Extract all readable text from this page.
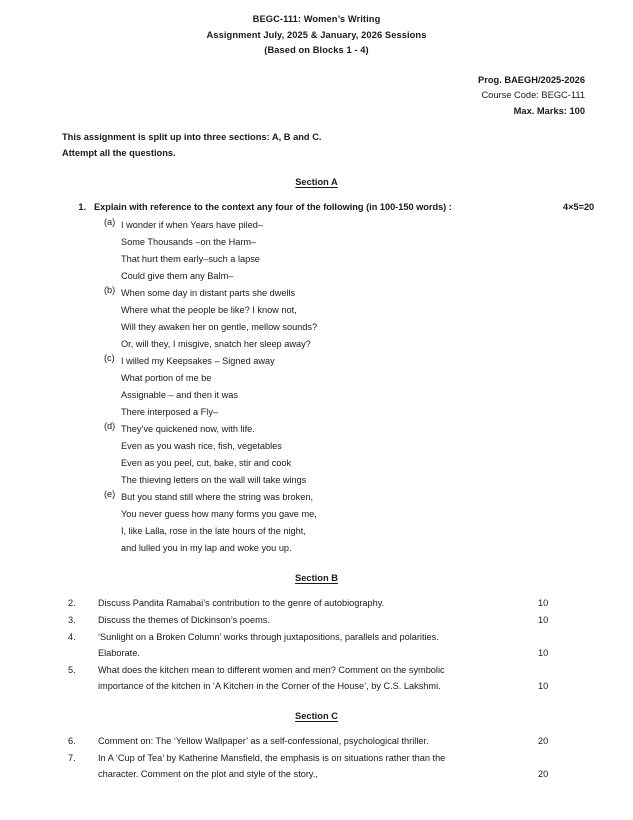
BEGC-111: Women’s Writing
Assignment July, 2025 & January, 2026 Sessions
(Based on Blocks 1 - 4)
Prog. BAEGH/2025-2026
Course Code: BEGC-111
Max. Marks: 100
This assignment is split up into three sections: A, B and C.
Attempt all the questions.
Section A
1. Explain with reference to the context any four of the following (in 100-150 words) :	4×5=20
(a) I wonder if when Years have piled–
Some Thousands –on the Harm–
That hurt them early–such a lapse
Could give them any Balm–
(b) When some day in distant parts she dwells
Where what the people be like? I know not,
Will they awaken her on gentle, mellow sounds?
Or, will they, I misgive, snatch her sleep away?
(c) I willed my Keepsakes – Signed away
What portion of me be
Assignable – and then it was
There interposed a Fly–
(d) They’ve quickened now, with life.
Even as you wash rice, fish, vegetables
Even as you peel, cut, bake, stir and cook
The thieving letters on the wall will take wings
(e) But you stand still where the string was broken,
You never guess how many forms you gave me,
I, like Lalla, rose in the late hours of the night,
and lulled you in my lap and woke you up.
Section B
2.	Discuss Pandita Ramabai’s contribution to the genre of autobiography.	10
3.	Discuss the themes of Dickinson’s poems.	10
4.	‘Sunlight on a Broken Column’ works through juxtapositions, parallels and polarities.
Elaborate.	10
5.	What does the kitchen mean to different women and men? Comment on the symbolic
importance of the kitchen in ‘A Kitchen in the Corner of the House’, by C.S. Lakshmi.	10
Section C
6.	Comment on: The ‘Yellow Wallpaper’ as a self-confessional, psychological thriller.	20
7.	In A ‘Cup of Tea’ by Katherine Mansfield, the emphasis is on situations rather than the
character. Comment on the plot and style of the story.,	20
